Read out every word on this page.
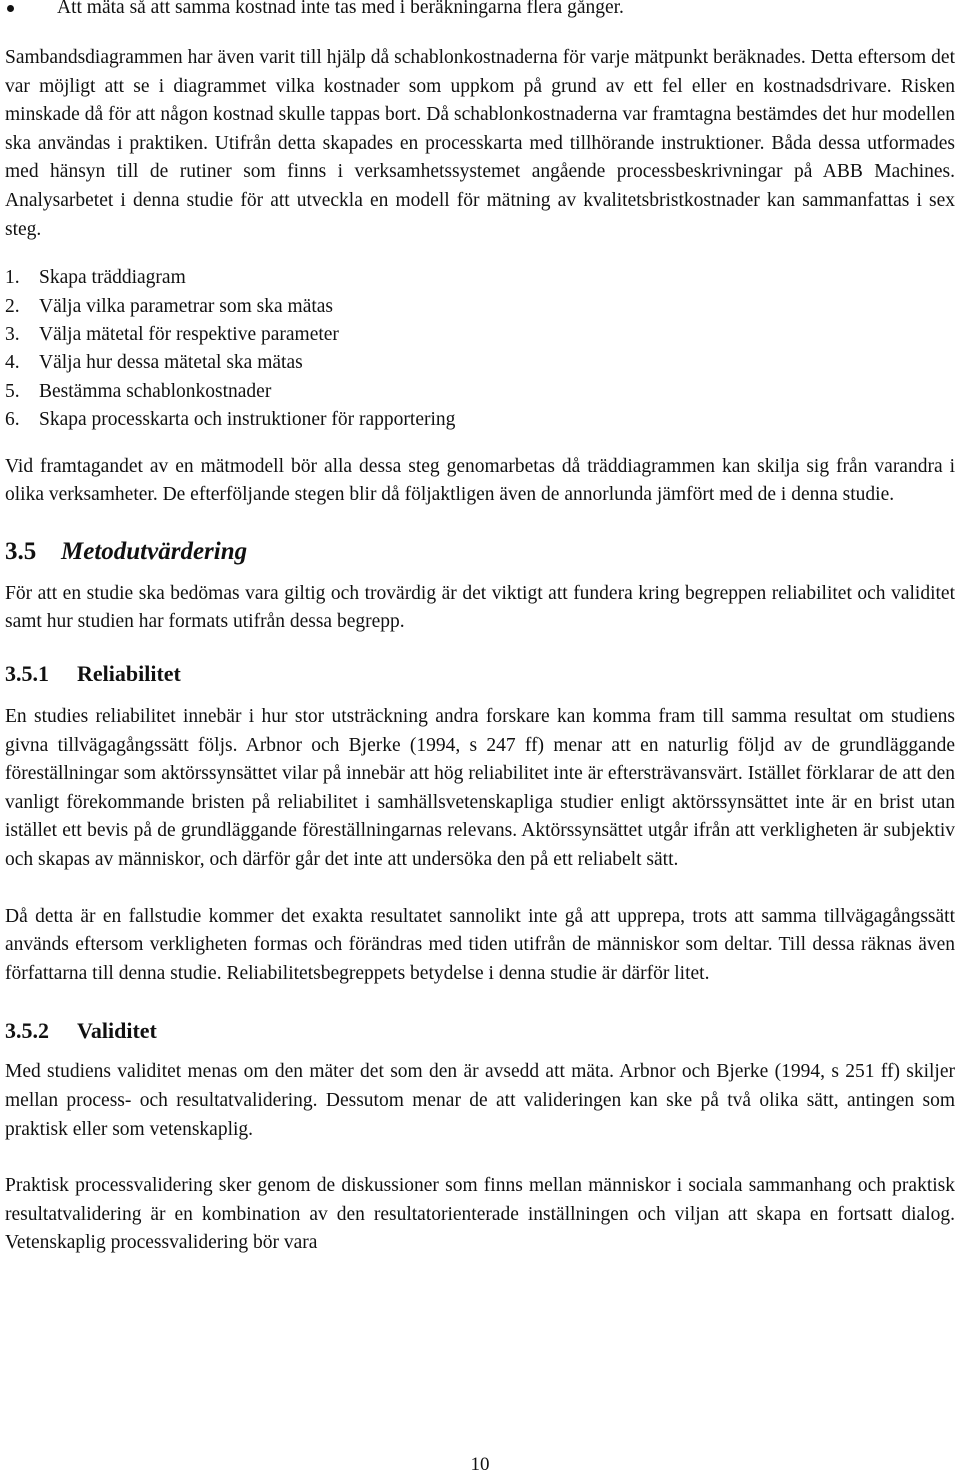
Att mäta så att samma kostnad inte tas med i beräkningarna flera gånger.

Sambandsdiagrammen har även varit till hjälp då schablonkostnaderna för varje mätpunkt beräknades. Detta eftersom det var möjligt att se i diagrammet vilka kostnader som uppkom på grund av ett fel eller en kostnadsdrivare. Risken minskade då för att någon kostnad skulle tappas bort. Då schablonkostnaderna var framtagna bestämdes det hur modellen ska användas i praktiken. Utifrån detta skapades en processkarta med tillhörande instruktioner. Båda dessa utformades med hänsyn till de rutiner som finns i verksamhetssystemet angående processbeskrivningar på ABB Machines. Analysarbetet i denna studie för att utveckla en modell för mätning av kvalitetsbristkostnader kan sammanfattas i sex steg.

1. Skapa träddiagram
2. Välja vilka parametrar som ska mätas
3. Välja mätetal för respektive parameter
4. Välja hur dessa mätetal ska mätas
5. Bestämma schablonkostnader
6. Skapa processkarta och instruktioner för rapportering

Vid framtagandet av en mätmodell bör alla dessa steg genomarbetas då träddiagrammen kan skilja sig från varandra i olika verksamheter. De efterföljande stegen blir då följaktligen även de annorlunda jämfört med de i denna studie.

3.5 Metodutvärdering

För att en studie ska bedömas vara giltig och trovärdig är det viktigt att fundera kring begreppen reliabilitet och validitet samt hur studien har formats utifrån dessa begrepp.

3.5.1	Reliabilitet

En studies reliabilitet innebär i hur stor utsträckning andra forskare kan komma fram till samma resultat om studiens givna tillvägagångssätt följs. Arbnor och Bjerke (1994, s 247 ff) menar att en naturlig följd av de grundläggande föreställningar som aktörssynsättet vilar på innebär att hög reliabilitet inte är eftersträvansvärt. Istället förklarar de att den vanligt förekommande bristen på reliabilitet i samhällsvetenskapliga studier enligt aktörssynsättet inte är en brist utan istället ett bevis på de grundläggande föreställningarnas relevans. Aktörssynsättet utgår ifrån att verkligheten är subjektiv och skapas av människor, och därför går det inte att undersöka den på ett reliabelt sätt.

Då detta är en fallstudie kommer det exakta resultatet sannolikt inte gå att upprepa, trots att samma tillvägagångssätt används eftersom verkligheten formas och förändras med tiden utifrån de människor som deltar. Till dessa räknas även författarna till denna studie. Reliabilitetsbegreppets betydelse i denna studie är därför litet.

3.5.2	Validitet

Med studiens validitet menas om den mäter det som den är avsedd att mäta. Arbnor och Bjerke (1994, s 251 ff) skiljer mellan process- och resultatvalidering. Dessutom menar de att valideringen kan ske på två olika sätt, antingen som praktisk eller som vetenskaplig.

Praktisk processvalidering sker genom de diskussioner som finns mellan människor i sociala sammanhang och praktisk resultatvalidering är en kombination av den resultatorienterade inställningen och viljan att skapa en fortsatt dialog. Vetenskaplig processvalidering bör vara

10
